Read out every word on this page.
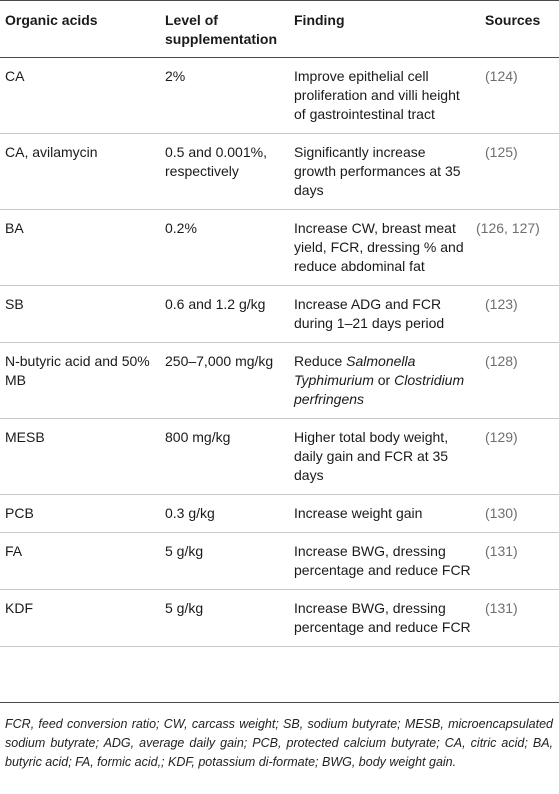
Organic acids	Level of supplementation	Finding	Sources
CA	2%	Improve epithelial cell proliferation and villi height of gastrointestinal tract	(124)
CA, avilamycin	0.5 and 0.001%, respectively	Significantly increase growth performances at 35 days	(125)
BA	0.2%	Increase CW, breast meat yield, FCR, dressing % and reduce abdominal fat	(126, 127)
SB	0.6 and 1.2 g/kg	Increase ADG and FCR during 1–21 days period	(123)
N-butyric acid and 50% MB	250–7,000 mg/kg	Reduce Salmonella Typhimurium or Clostridium perfringens	(128)
MESB	800 mg/kg	Higher total body weight, daily gain and FCR at 35 days	(129)
PCB	0.3 g/kg	Increase weight gain	(130)
FA	5 g/kg	Increase BWG, dressing percentage and reduce FCR	(131)
KDF	5 g/kg	Increase BWG, dressing percentage and reduce FCR	(131)
FCR, feed conversion ratio; CW, carcass weight; SB, sodium butyrate; MESB, microencapsulated sodium butyrate; ADG, average daily gain; PCB, protected calcium butyrate; CA, citric acid; BA, butyric acid; FA, formic acid,; KDF, potassium di-formate; BWG, body weight gain.
